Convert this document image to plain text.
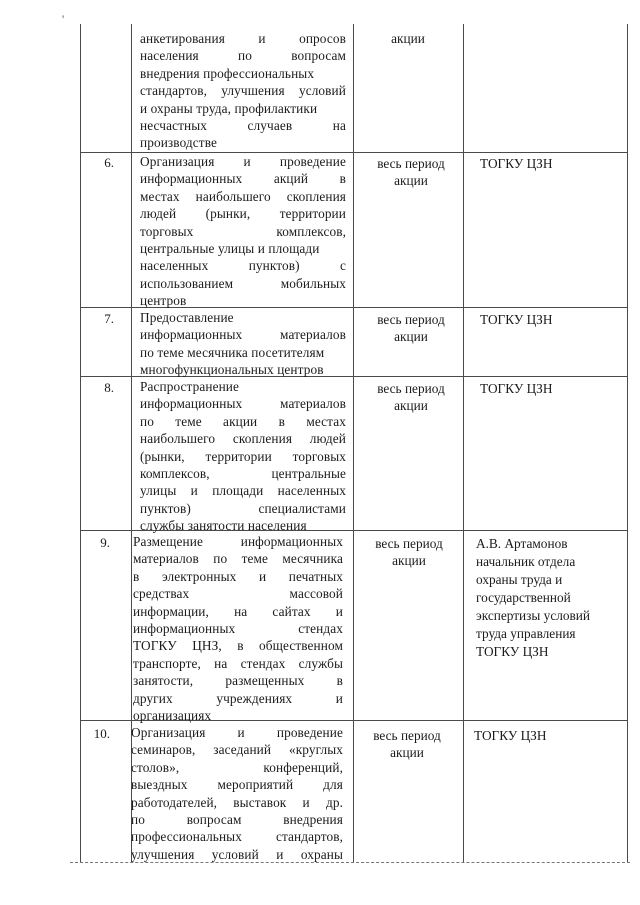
'
анкетирования и опросов
населения по вопросам
внедрения профессиональных
стандартов, улучшения условий
и охраны труда, профилактики
несчастных случаев на
производстве
акции
6. Организация и проведение
информационных акций в
местах наибольшего скопления
людей (рынки, территории
торговых комплексов,
центральные улицы и площади
населенных пунктов) с
использованием мобильных
центров
весь период
акции
ТОГКУ ЦЗН
7. Предоставление
информационных материалов
по теме месячника посетителям
многофункциональных центров
весь период
акции
ТОГКУ ЦЗН
8. Распространение
информационных материалов
по теме акции в местах
наибольшего скопления людей
(рынки, территории торговых
комплексов, центральные
улицы и площади населенных
пунктов) специалистами
службы занятости населения
весь период
акции
ТОГКУ ЦЗН
9. Размещение информационных
материалов по теме месячника
в электронных и печатных
средствах массовой
информации, на сайтах и
информационных стендах
ТОГКУ ЦНЗ, в общественном
транспорте, на стендах службы
занятости, размещенных в
других учреждениях и
организациях
весь период
акции
А.В. Артамонов
начальник отдела
охраны труда и
государственной
экспертизы условий
труда управления
ТОГКУ ЦЗН
10. Организация и проведение
семинаров, заседаний «круглых
столов», конференций,
выездных мероприятий для
работодателей, выставок и др.
по вопросам внедрения
профессиональных стандартов,
улучшения условий и охраны
весь период
акции
ТОГКУ ЦЗН
